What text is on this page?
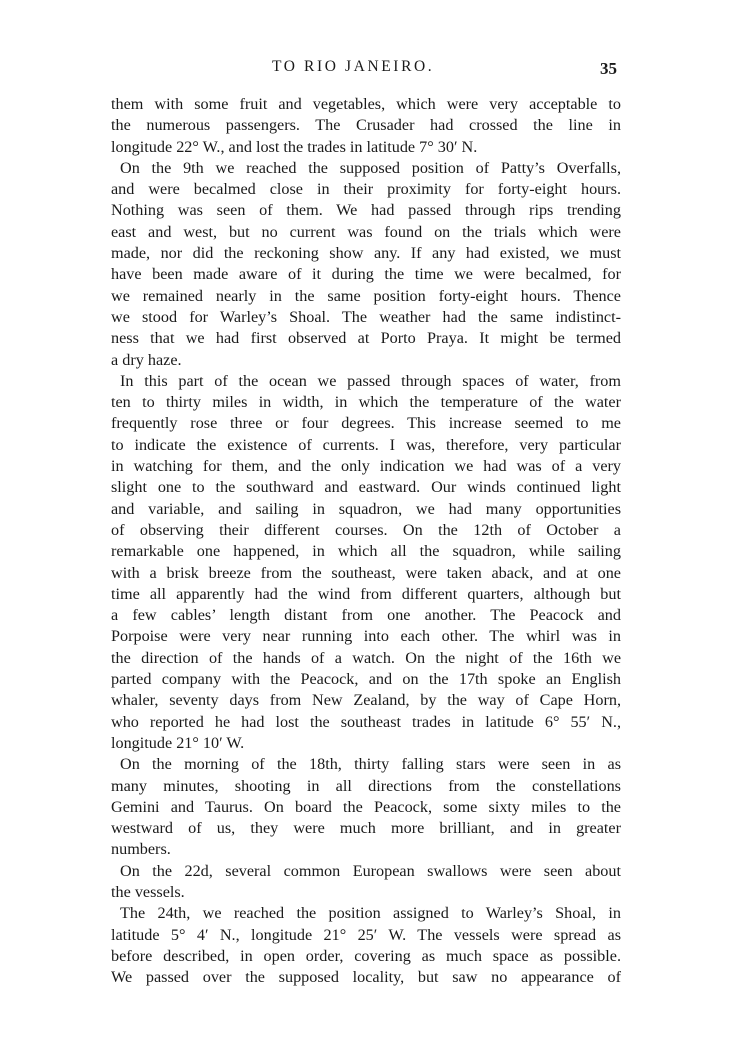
TO RIO JANEIRO.	35
them with some fruit and vegetables, which were very acceptable to
the numerous passengers. The Crusader had crossed the line in
longitude 22° W., and lost the trades in latitude 7° 30′ N.
On the 9th we reached the supposed position of Patty’s Overfalls,
and were becalmed close in their proximity for forty-eight hours.
Nothing was seen of them. We had passed through rips trending
east and west, but no current was found on the trials which were
made, nor did the reckoning show any. If any had existed, we must
have been made aware of it during the time we were becalmed, for
we remained nearly in the same position forty-eight hours. Thence
we stood for Warley’s Shoal. The weather had the same indistinct-
ness that we had first observed at Porto Praya. It might be termed
a dry haze.
In this part of the ocean we passed through spaces of water, from
ten to thirty miles in width, in which the temperature of the water
frequently rose three or four degrees. This increase seemed to me
to indicate the existence of currents. I was, therefore, very particular
in watching for them, and the only indication we had was of a very
slight one to the southward and eastward. Our winds continued light
and variable, and sailing in squadron, we had many opportunities
of observing their different courses. On the 12th of October a
remarkable one happened, in which all the squadron, while sailing
with a brisk breeze from the southeast, were taken aback, and at one
time all apparently had the wind from different quarters, although but
a few cables’ length distant from one another. The Peacock and
Porpoise were very near running into each other. The whirl was in
the direction of the hands of a watch. On the night of the 16th we
parted company with the Peacock, and on the 17th spoke an English
whaler, seventy days from New Zealand, by the way of Cape Horn,
who reported he had lost the southeast trades in latitude 6° 55′ N.,
longitude 21° 10′ W.
On the morning of the 18th, thirty falling stars were seen in as
many minutes, shooting in all directions from the constellations
Gemini and Taurus. On board the Peacock, some sixty miles to the
westward of us, they were much more brilliant, and in greater
numbers.
On the 22d, several common European swallows were seen about
the vessels.
The 24th, we reached the position assigned to Warley’s Shoal, in
latitude 5° 4′ N., longitude 21° 25′ W. The vessels were spread as
before described, in open order, covering as much space as possible.
We passed over the supposed locality, but saw no appearance of
